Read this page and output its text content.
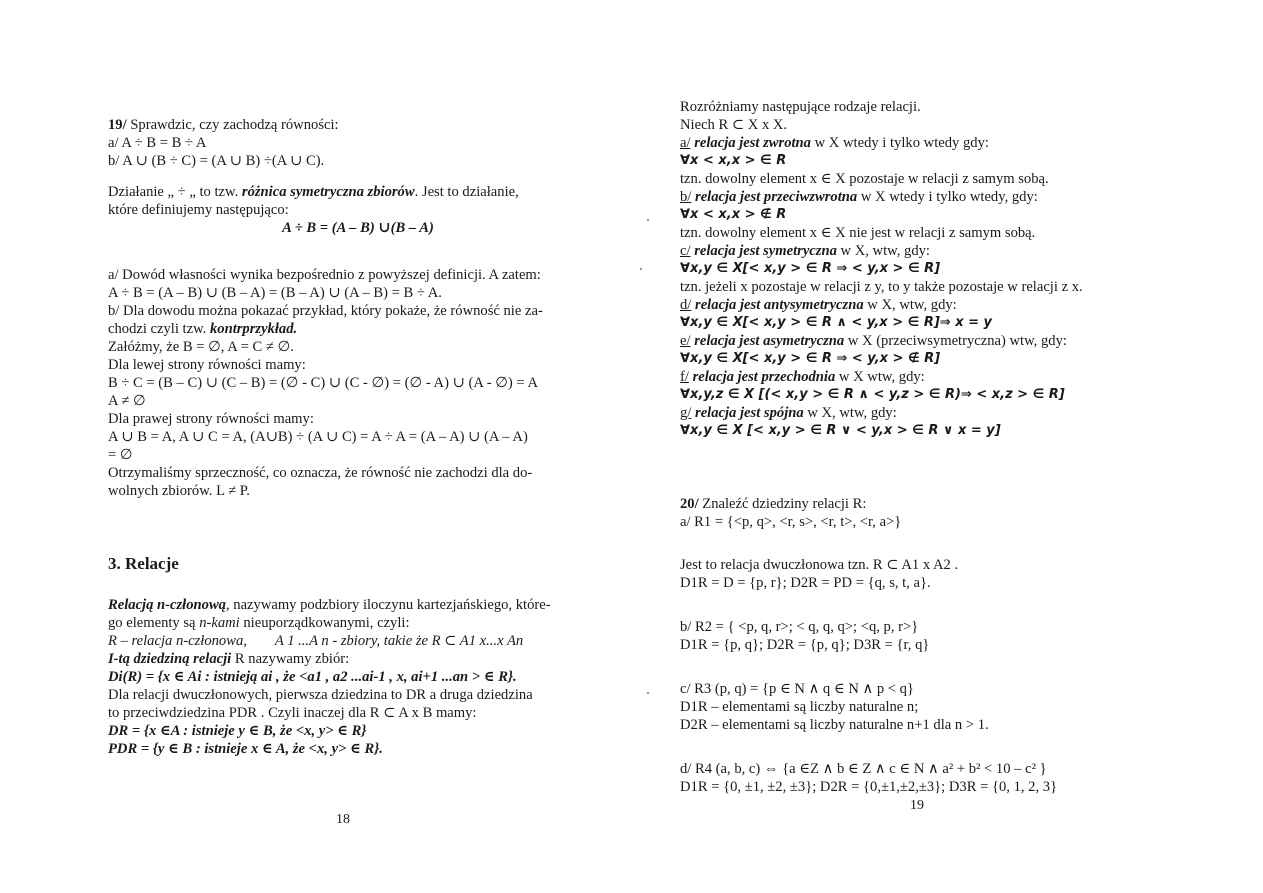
19/ Sprawdzic, czy zachodzą równości:
a/ A ÷ B = B ÷ A
b/ A ∪ (B ÷ C) = (A ∪ B) ÷(A ∪ C).
Działanie „ ÷ „ to tzw. różnica symetryczna zbiorów. Jest to działanie,
które definiujemy następująco:
A ÷ B = (A – B) ∪(B – A)
a/ Dowód własności wynika bezpośrednio z powyższej definicji. A zatem:
A ÷ B = (A – B) ∪ (B – A) = (B – A) ∪ (A – B) = B ÷ A.
b/ Dla dowodu można pokazać przykład, który pokaże, że równość nie za-
chodzi czyli tzw. kontrprzykład.
Załóżmy, że B = ∅, A = C ≠ ∅.
Dla lewej strony równości mamy:
B ÷ C = (B – C) ∪ (C – B) = (∅ - C) ∪ (C - ∅) = (∅ - A) ∪ (A - ∅) = A
A ≠ ∅
Dla prawej strony równości mamy:
A ∪ B = A, A ∪ C = A, (A∪B) ÷ (A ∪ C) = A ÷ A = (A – A) ∪ (A – A)
= ∅
Otrzymaliśmy sprzeczność, co oznacza, że równość nie zachodzi dla do-
wolnych zbiorów. L ≠ P.
3. Relacje
Relacją n-członową, nazywamy podzbiory iloczynu kartezjańskiego, które-
go elementy są n-kami nieuporządkowanymi, czyli:
R – relacja n-członowa, A 1 ...A n - zbiory, takie że R ⊂ A1 x...x An
I-tą dziedziną relacji R nazywamy zbiór:
Di(R) = {x ∈ Ai : istnieją ai , że <a1 , a2 ...ai-1 , x, ai+1 ...an > ∈ R}.
Dla relacji dwuczłonowych, pierwsza dziedzina to DR a druga dziedzina
to przeciwdziedzina PDR . Czyli inaczej dla R ⊂ A x B mamy:
DR = {x ∈A : istnieje y ∈ B, że <x, y> ∈ R}
PDR = {y ∈ B : istnieje x ∈ A, że <x, y> ∈ R}.
18
Rozróżniamy następujące rodzaje relacji.
Niech R ⊂ X x X.
a/ relacja jest zwrotna w X wtedy i tylko wtedy gdy:
∀x < x,x > ∈ R
tzn. dowolny element x ∈ X pozostaje w relacji z samym sobą.
b/ relacja jest przeciwzwrotna w X wtedy i tylko wtedy, gdy:
∀x < x,x > ∉ R
tzn. dowolny element x ∈ X nie jest w relacji z samym sobą.
c/ relacja jest symetryczna w X, wtw, gdy:
∀x,y ∈ X[< x,y > ∈ R ⇒ < y,x > ∈ R]
tzn. jeżeli x pozostaje w relacji z y, to y także pozostaje w relacji z x.
d/ relacja jest antysymetryczna w X, wtw, gdy:
∀x,y ∈ X[< x,y > ∈ R ∧ < y,x > ∈ R]⇒ x = y
e/ relacja jest asymetryczna w X (przeciwsymetryczna) wtw, gdy:
∀x,y ∈ X[< x,y > ∈ R ⇒ < y,x > ∉ R]
f/ relacja jest przechodnia w X wtw, gdy:
∀x,y,z ∈ X [(< x,y > ∈ R ∧ < y,z > ∈ R)⇒ < x,z > ∈ R]
g/ relacja jest spójna w X, wtw, gdy:
∀x,y ∈ X [< x,y > ∈ R ∨ < y,x > ∈ R ∨ x = y]
20/ Znaleźć dziedziny relacji R:
a/ R1 = {<p, q>, <r, s>, <r, t>, <r, a>}
Jest to relacja dwuczłonowa tzn. R ⊂ A1 x A2 .
D1R = D = {p, r}; D2R = PD = {q, s, t, a}.
b/ R2 = { <p, q, r>; < q, q, q>; <q, p, r>}
D1R = {p, q}; D2R = {p, q}; D3R = {r, q}
c/ R3 (p, q) = {p ∈ N ∧ q ∈ N ∧ p < q}
D1R – elementami są liczby naturalne n;
D2R – elementami są liczby naturalne n+1 dla n > 1.
d/ R4 (a, b, c) ⇔ {a ∈Z ∧ b ∈ Z ∧ c ∈ N ∧ a² + b² < 10 – c² }
D1R = {0, ±1, ±2, ±3}; D2R = {0,±1,±2,±3}; D3R = {0, 1, 2, 3}
19
